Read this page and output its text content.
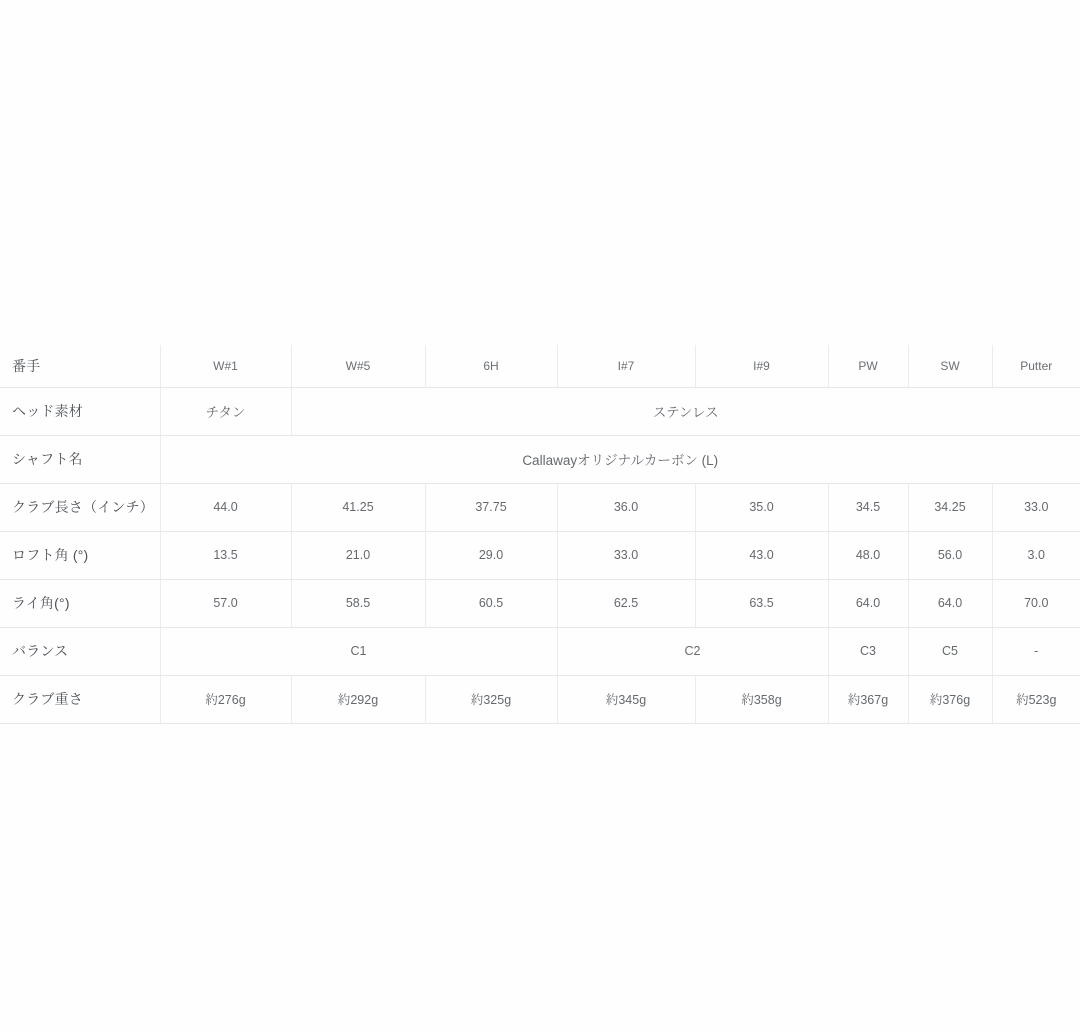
番手	W#1	W#5	6H	I#7	I#9	PW	SW	Putter
ヘッド素材	チタン	ステンレス						
シャフト名	Callawayオリジナルカーボン (L)							
クラブ長さ（インチ）	44.0	41.25	37.75	36.0	35.0	34.5	34.25	33.0
ロフト角 (°)	13.5	21.0	29.0	33.0	43.0	48.0	56.0	3.0
ライ角(°)	57.0	58.5	60.5	62.5	63.5	64.0	64.0	70.0
バランス	C1			C2		C3	C5	-
クラブ重さ	約276g	約292g	約325g	約345g	約358g	約367g	約376g	約523g
